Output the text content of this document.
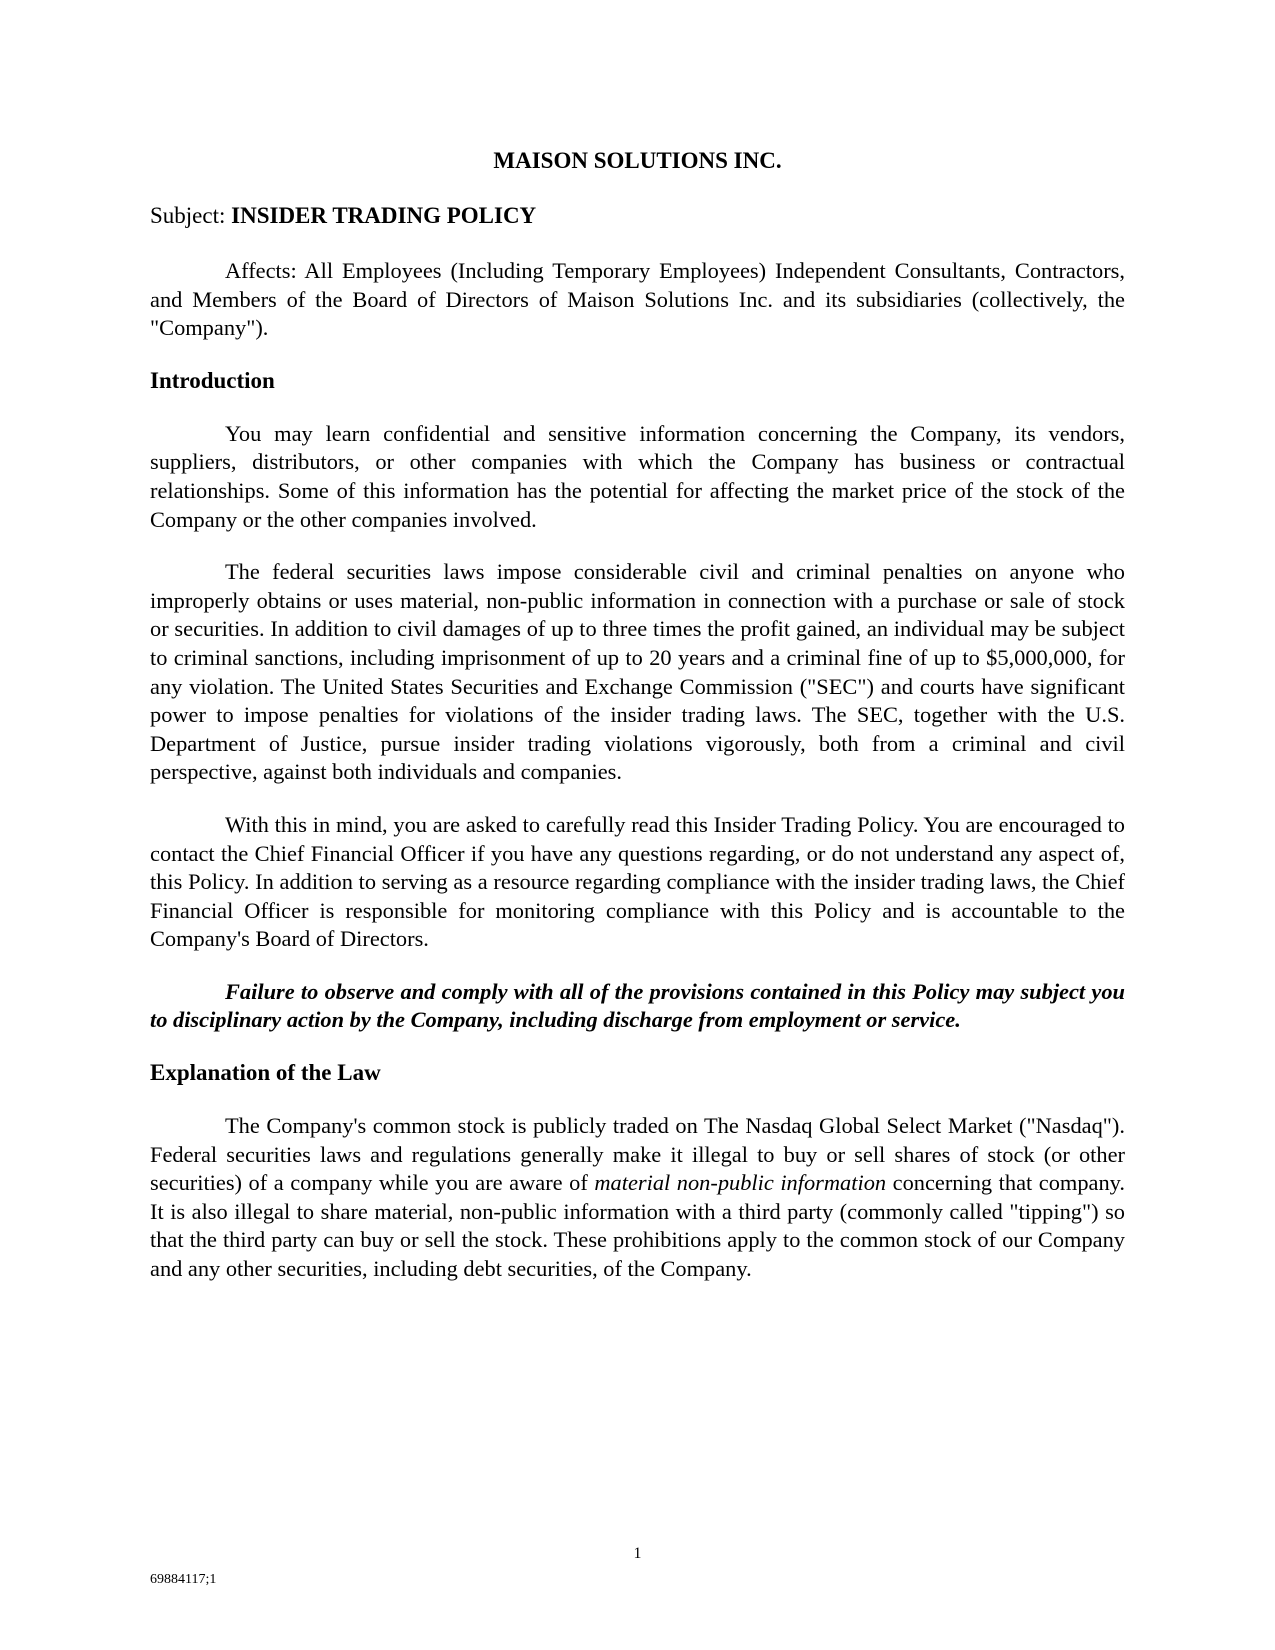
MAISON SOLUTIONS INC.
Subject: INSIDER TRADING POLICY

Affects: All Employees (Including Temporary Employees) Independent Consultants, Contractors, and Members of the Board of Directors of Maison Solutions Inc. and its subsidiaries (collectively, the "Company").

Introduction

You may learn confidential and sensitive information concerning the Company, its vendors, suppliers, distributors, or other companies with which the Company has business or contractual relationships. Some of this information has the potential for affecting the market price of the stock of the Company or the other companies involved.

The federal securities laws impose considerable civil and criminal penalties on anyone who improperly obtains or uses material, non-public information in connection with a purchase or sale of stock or securities. In addition to civil damages of up to three times the profit gained, an individual may be subject to criminal sanctions, including imprisonment of up to 20 years and a criminal fine of up to $5,000,000, for any violation. The United States Securities and Exchange Commission ("SEC") and courts have significant power to impose penalties for violations of the insider trading laws. The SEC, together with the U.S. Department of Justice, pursue insider trading violations vigorously, both from a criminal and civil perspective, against both individuals and companies.

With this in mind, you are asked to carefully read this Insider Trading Policy. You are encouraged to contact the Chief Financial Officer if you have any questions regarding, or do not understand any aspect of, this Policy. In addition to serving as a resource regarding compliance with the insider trading laws, the Chief Financial Officer is responsible for monitoring compliance with this Policy and is accountable to the Company's Board of Directors.

Failure to observe and comply with all of the provisions contained in this Policy may subject you to disciplinary action by the Company, including discharge from employment or service.

Explanation of the Law

The Company's common stock is publicly traded on The Nasdaq Global Select Market ("Nasdaq"). Federal securities laws and regulations generally make it illegal to buy or sell shares of stock (or other securities) of a company while you are aware of material non-public information concerning that company. It is also illegal to share material, non-public information with a third party (commonly called "tipping") so that the third party can buy or sell the stock. These prohibitions apply to the common stock of our Company and any other securities, including debt securities, of the Company.

1
69884117;1
